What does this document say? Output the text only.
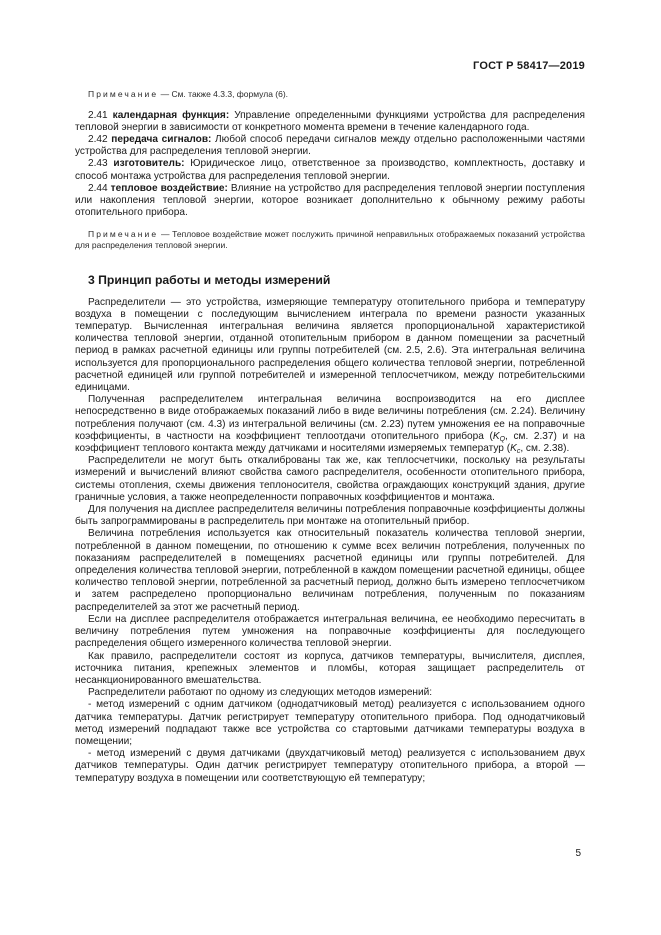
ГОСТ Р 58417—2019

Примечание — См. также 4.3.3, формула (6).

2.41 календарная функция: Управление определенными функциями устройства для распределения тепловой энергии в зависимости от конкретного момента времени в течение календарного года.

2.42 передача сигналов: Любой способ передачи сигналов между отдельно расположенными частями устройства для распределения тепловой энергии.

2.43 изготовитель: Юридическое лицо, ответственное за производство, комплектность, доставку и способ монтажа устройства для распределения тепловой энергии.

2.44 тепловое воздействие: Влияние на устройство для распределения тепловой энергии поступления или накопления тепловой энергии, которое возникает дополнительно к обычному режиму работы отопительного прибора.

Примечание — Тепловое воздействие может послужить причиной неправильных отображаемых показаний устройства для распределения тепловой энергии.

3 Принцип работы и методы измерений

Распределители — это устройства, измеряющие температуру отопительного прибора и температуру воздуха в помещении с последующим вычислением интеграла по времени разности указанных температур. Вычисленная интегральная величина является пропорциональной характеристикой количества тепловой энергии, отданной отопительным прибором в данном помещении за расчетный период в рамках расчетной единицы или группы потребителей (см. 2.5, 2.6). Эта интегральная величина используется для пропорционального распределения общего количества тепловой энергии, потребленной расчетной единицей или группой потребителей и измеренной теплосчетчиком, между потребительскими единицами.

Полученная распределителем интегральная величина воспроизводится на его дисплее непосредственно в виде отображаемых показаний либо в виде величины потребления (см. 2.24). Величину потребления получают (см. 4.3) из интегральной величины (см. 2.23) путем умножения ее на поправочные коэффициенты, в частности на коэффициент теплоотдачи отопительного прибора ($K_Q$, см. 2.37) и на коэффициент теплового контакта между датчиками и носителями измеряемых температур ($K_c$, см. 2.38).

Распределители не могут быть откалиброваны так же, как теплосчетчики, поскольку на результаты измерений и вычислений влияют свойства самого распределителя, особенности отопительного прибора, системы отопления, схемы движения теплоносителя, свойства ограждающих конструкций здания, другие граничные условия, а также неопределенности поправочных коэффициентов и монтажа.

Для получения на дисплее распределителя величины потребления поправочные коэффициенты должны быть запрограммированы в распределитель при монтаже на отопительный прибор.

Величина потребления используется как относительный показатель количества тепловой энергии, потребленной в данном помещении, по отношению к сумме всех величин потребления, полученных по показаниям распределителей в помещениях расчетной единицы или группы потребителей. Для определения количества тепловой энергии, потребленной в каждом помещении расчетной единицы, общее количество тепловой энергии, потребленной за расчетный период, должно быть измерено теплосчетчиком и затем распределено пропорционально величинам потребления, полученным по показаниям распределителей за этот же расчетный период.

Если на дисплее распределителя отображается интегральная величина, ее необходимо пересчитать в величину потребления путем умножения на поправочные коэффициенты для последующего распределения общего измеренного количества тепловой энергии.

Как правило, распределители состоят из корпуса, датчиков температуры, вычислителя, дисплея, источника питания, крепежных элементов и пломбы, которая защищает распределитель от несанкционированного вмешательства.

Распределители работают по одному из следующих методов измерений:

- метод измерений с одним датчиком (однодатчиковый метод) реализуется с использованием одного датчика температуры. Датчик регистрирует температуру отопительного прибора. Под однодатчиковый метод измерений подпадают также все устройства со стартовыми датчиками температуры воздуха в помещении;

- метод измерений с двумя датчиками (двухдатчиковый метод) реализуется с использованием двух датчиков температуры. Один датчик регистрирует температуру отопительного прибора, а второй — температуру воздуха в помещении или соответствующую ей температуру;

5
